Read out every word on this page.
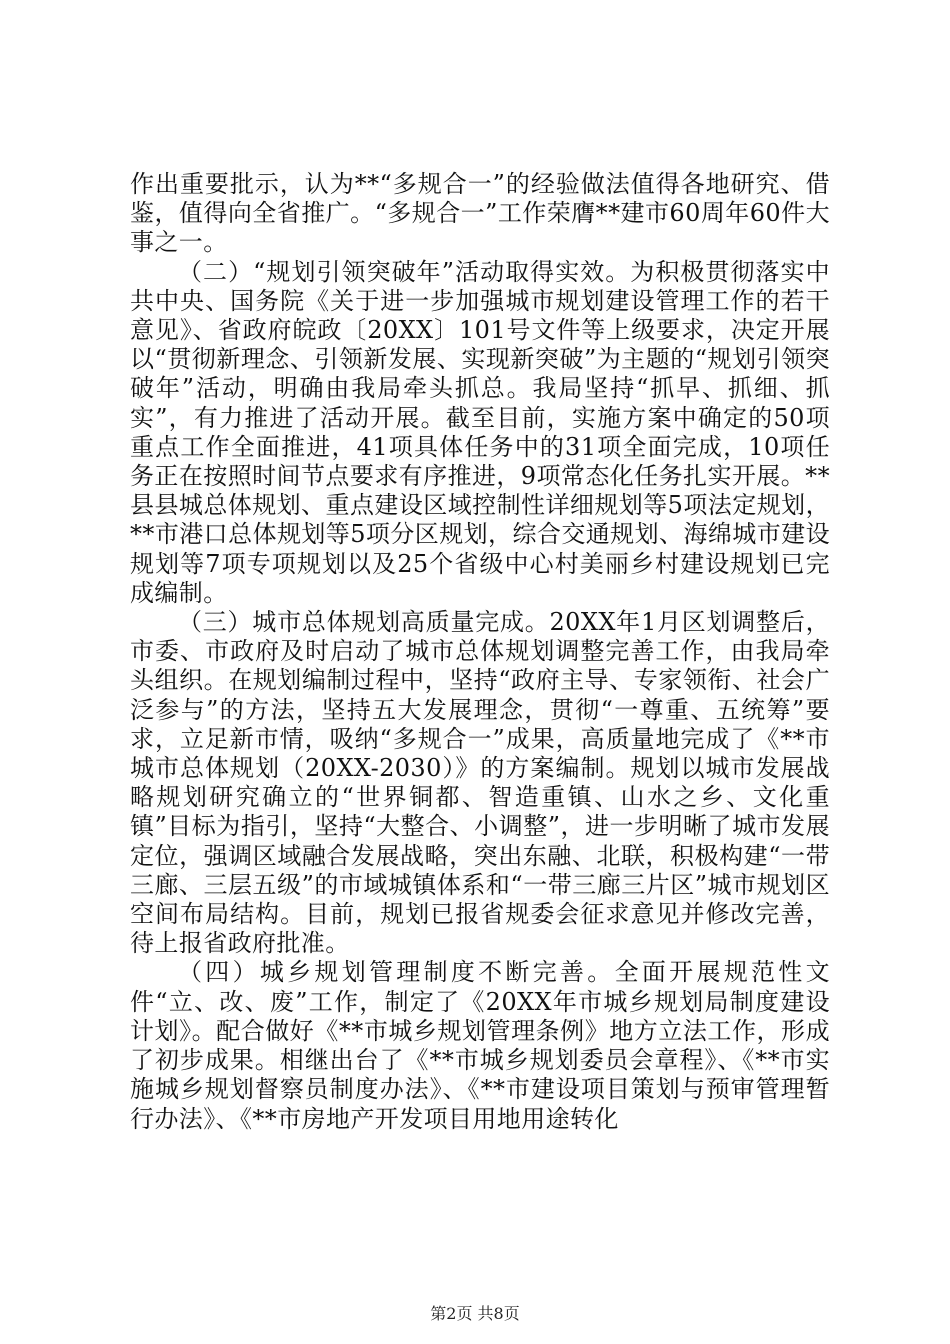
作出重要批示，认为**“多规合一”的经验做法值得各地研究、借鉴，值得向全省推广。“多规合一”工作荣膺**建市60周年60件大事之一。

（二）“规划引领突破年”活动取得实效。为积极贯彻落实中共中央、国务院《关于进一步加强城市规划建设管理工作的若干意见》、省政府皖政〔20XX〕101号文件等上级要求，决定开展以“贯彻新理念、引领新发展、实现新突破”为主题的“规划引领突破年”活动，明确由我局牵头抓总。我局坚持“抓早、抓细、抓实”，有力推进了活动开展。截至目前，实施方案中确定的50项重点工作全面推进，41项具体任务中的31项全面完成，10项任务正在按照时间节点要求有序推进，9项常态化任务扎实开展。**县县城总体规划、重点建设区域控制性详细规划等5项法定规划，**市港口总体规划等5项分区规划，综合交通规划、海绵城市建设规划等7项专项规划以及25个省级中心村美丽乡村建设规划已完成编制。

（三）城市总体规划高质量完成。20XX年1月区划调整后，市委、市政府及时启动了城市总体规划调整完善工作，由我局牵头组织。在规划编制过程中，坚持“政府主导、专家领衔、社会广泛参与”的方法，坚持五大发展理念，贯彻“一尊重、五统筹”要求，立足新市情，吸纳“多规合一”成果，高质量地完成了《**市城市总体规划（20XX-2030）》的方案编制。规划以城市发展战略规划研究确立的“世界铜都、智造重镇、山水之乡、文化重镇”目标为指引，坚持“大整合、小调整”，进一步明晰了城市发展定位，强调区域融合发展战略，突出东融、北联，积极构建“一带三廊、三层五级”的市域城镇体系和“一带三廊三片区”城市规划区空间布局结构。目前，规划已报省规委会征求意见并修改完善，待上报省政府批准。

（四）城乡规划管理制度不断完善。全面开展规范性文件“立、改、废”工作，制定了《20XX年市城乡规划局制度建设计划》。配合做好《**市城乡规划管理条例》地方立法工作，形成了初步成果。相继出台了《**市城乡规划委员会章程》、《**市实施城乡规划督察员制度办法》、《**市建设项目策划与预审管理暂行办法》、《**市房地产开发项目用地用途转化

第2页 共8页
